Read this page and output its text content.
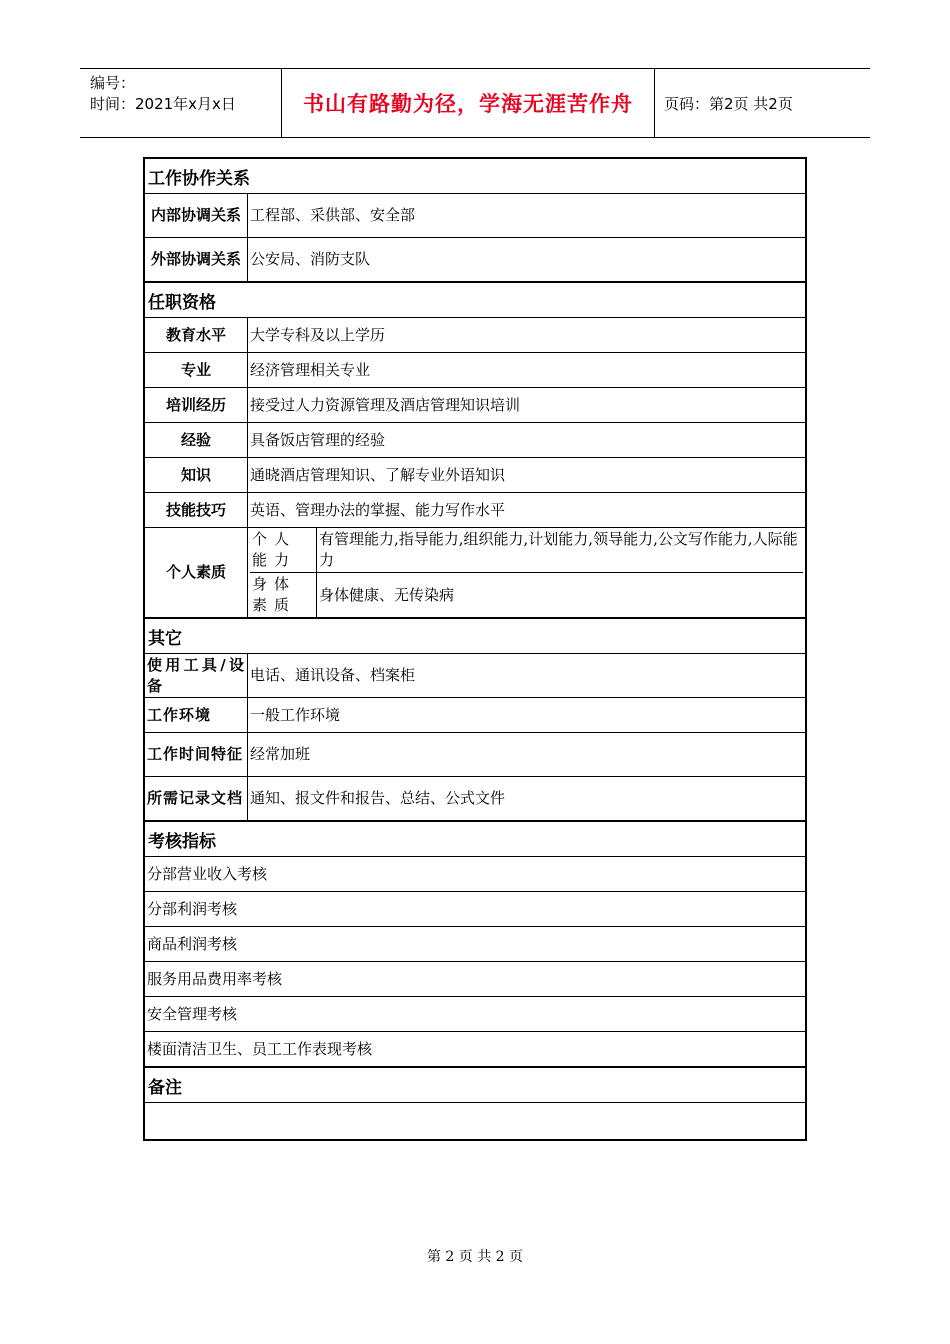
编号：
时间：2021年x月x日	书山有路勤为径，学海无涯苦作舟	页码：第2页 共2页
工作协作关系
内部协调关系	工程部、采供部、安全部
外部协调关系	公安局、消防支队
任职资格
教育水平	大学专科及以上学历
专业	经济管理相关专业
培训经历	接受过人力资源管理及酒店管理知识培训
经验	具备饭店管理的经验
知识	通晓酒店管理知识、了解专业外语知识
技能技巧	英语、管理办法的掌握、能力写作水平
个人素质	
个人能力	有管理能力,指导能力,组织能力,计划能力,领导能力,公文写作能力,人际能力
身体素质	身体健康、无传染病

其它
使用工具/设备	电话、通讯设备、档案柜
工作环境	一般工作环境
工作时间特征	经常加班
所需记录文档	通知、报文件和报告、总结、公式文件
考核指标
分部营业收入考核
分部利润考核
商品利润考核
服务用品费用率考核
安全管理考核
楼面清洁卫生、员工工作表现考核
备注

第 2 页 共 2 页
